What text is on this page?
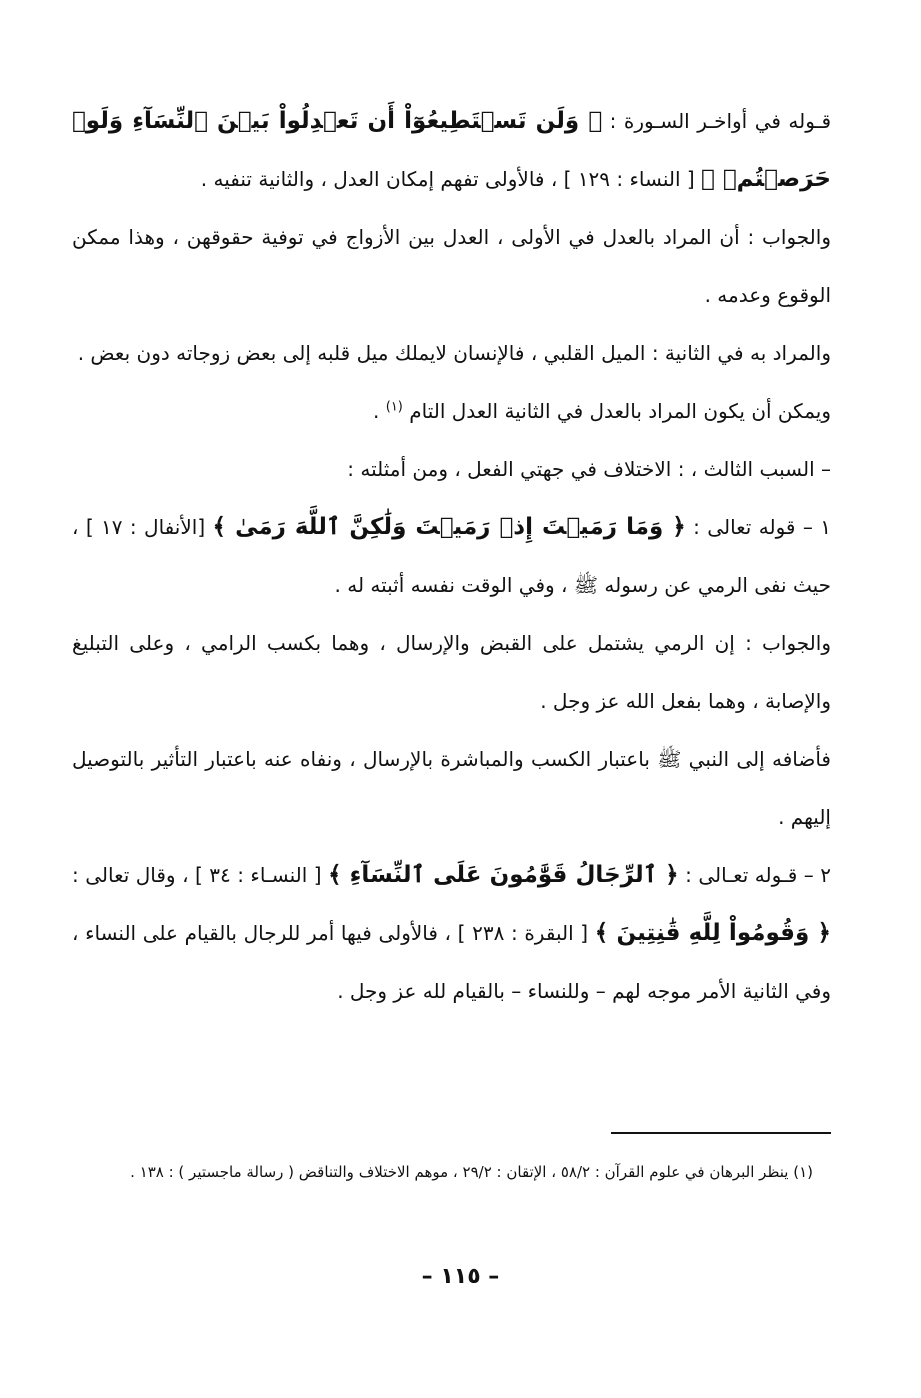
قـوله في أواخـر السـورة : ﴿ وَلَن تَسۡتَطِيعُوٓاْ أَن تَعۡدِلُواْ بَيۡنَ ٱلنِّسَآءِ وَلَوۡ حَرَصۡتُمۡ ﴾ [ النساء : ١٢٩ ] ، فالأولى تفهم إمكان العدل ، والثانية تنفيه .

والجواب : أن المراد بالعدل في الأولى ، العدل بين الأزواج في توفية حقوقهن ، وهذا ممكن الوقوع وعدمه .

والمراد به في الثانية : الميل القلبي ، فالإنسان لايملك ميل قلبه إلى بعض زوجاته دون بعض .

ويمكن أن يكون المراد بالعدل في الثانية العدل التام $^{(١)}$ .

– السبب الثالث ، : الاختلاف في جهتي الفعل ، ومن أمثلته :

١ – قوله تعالى : ﴿ وَمَا رَمَيۡتَ إِذۡ رَمَيۡتَ وَلَٰكِنَّ ٱللَّهَ رَمَىٰ ﴾ [الأنفال : ١٧ ] ، حيث نفى الرمي عن رسوله ﷺ ، وفي الوقت نفسه أثبته له .

والجواب : إن الرمي يشتمل على القبض والإرسال ، وهما بكسب الرامي ، وعلى التبليغ والإصابة ، وهما بفعل الله عز وجل .

فأضافه إلى النبي ﷺ باعتبار الكسب والمباشرة بالإرسال ، ونفاه عنه باعتبار التأثير بالتوصيل إليهم .

٢ – قـوله تعـالى : ﴿ ٱلرِّجَالُ قَوَّٰمُونَ عَلَى ٱلنِّسَآءِ ﴾ [ النسـاء : ٣٤ ] ، وقال تعالى : ﴿ وَقُومُواْ لِلَّهِ قَٰنِتِينَ ﴾ [ البقرة : ٢٣٨ ] ، فالأولى فيها أمر للرجال بالقيام على النساء ، وفي الثانية الأمر موجه لهم – وللنساء – بالقيام لله عز وجل .

(١) ينظر البرهان في علوم القرآن : ٥٨/٢ ، الإتقان : ٢٩/٢ ، موهم الاختلاف والتناقض ( رسالة ماجستير ) : ١٣٨ .
– ١١٥ –
